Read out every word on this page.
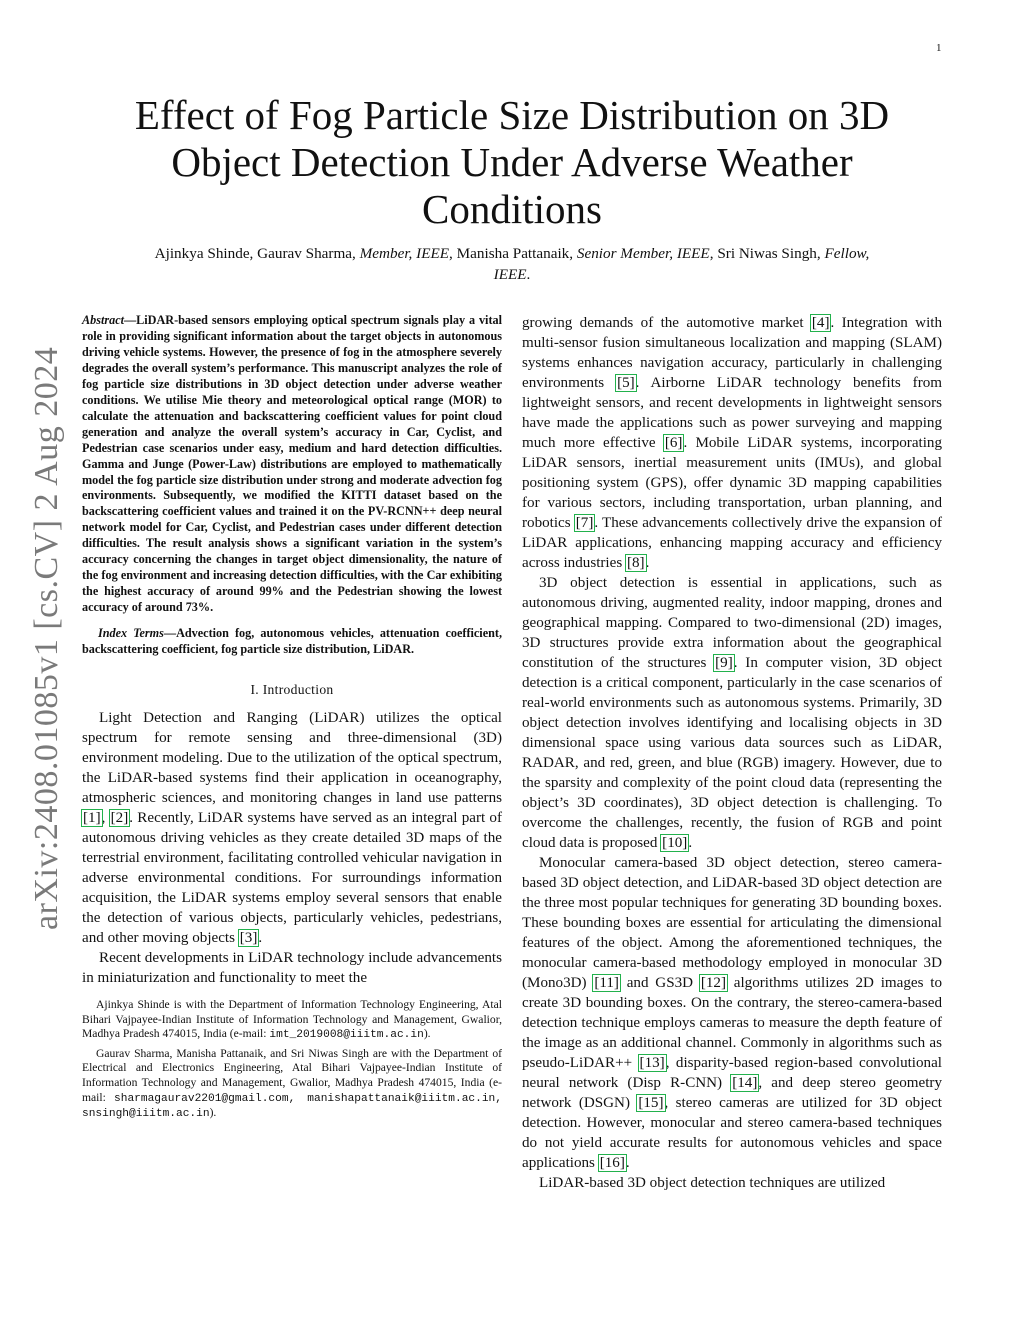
1
arXiv:2408.01085v1 [cs.CV] 2 Aug 2024
Effect of Fog Particle Size Distribution on 3D Object Detection Under Adverse Weather Conditions
Ajinkya Shinde, Gaurav Sharma, Member, IEEE, Manisha Pattanaik, Senior Member, IEEE, Sri Niwas Singh, Fellow, IEEE.

Abstract—LiDAR-based sensors employing optical spectrum signals play a vital role in providing significant information about the target objects in autonomous driving vehicle systems. However, the presence of fog in the atmosphere severely degrades the overall system’s performance. This manuscript analyzes the role of fog particle size distributions in 3D object detection under adverse weather conditions. We utilise Mie theory and meteorological optical range (MOR) to calculate the attenuation and backscattering coefficient values for point cloud generation and analyze the overall system’s accuracy in Car, Cyclist, and Pedestrian case scenarios under easy, medium and hard detection difficulties. Gamma and Junge (Power-Law) distributions are employed to mathematically model the fog particle size distribution under strong and moderate advection fog environments. Subsequently, we modified the KITTI dataset based on the backscattering coefficient values and trained it on the PV-RCNN++ deep neural network model for Car, Cyclist, and Pedestrian cases under different detection difficulties. The result analysis shows a significant variation in the system’s accuracy concerning the changes in target object dimensionality, the nature of the fog environment and increasing detection difficulties, with the Car exhibiting the highest accuracy of around 99% and the Pedestrian showing the lowest accuracy of around 73%.

Index Terms—Advection fog, autonomous vehicles, attenuation coefficient, backscattering coefficient, fog particle size distribution, LiDAR.

I. Introduction

Light Detection and Ranging (LiDAR) utilizes the optical spectrum for remote sensing and three-dimensional (3D) environment modeling. Due to the utilization of the optical spectrum, the LiDAR-based systems find their application in oceanography, atmospheric sciences, and monitoring changes in land use patterns [1], [2]. Recently, LiDAR systems have served as an integral part of autonomous driving vehicles as they create detailed 3D maps of the terrestrial environment, facilitating controlled vehicular navigation in adverse environmental conditions. For surroundings information acquisition, the LiDAR systems employ several sensors that enable the detection of various objects, particularly vehicles, pedestrians, and other moving objects [3].

Recent developments in LiDAR technology include advancements in miniaturization and functionality to meet the

Ajinkya Shinde is with the Department of Information Technology Engineering, Atal Bihari Vajpayee-Indian Institute of Information Technology and Management, Gwalior, Madhya Pradesh 474015, India (e-mail: imt_2019008@iiitm.ac.in).

Gaurav Sharma, Manisha Pattanaik, and Sri Niwas Singh are with the Department of Electrical and Electronics Engineering, Atal Bihari Vajpayee-Indian Institute of Information Technology and Management, Gwalior, Madhya Pradesh 474015, India (e-mail: sharmagaurav2201@gmail.com, manishapattanaik@iiitm.ac.in, snsingh@iiitm.ac.in).

growing demands of the automotive market [4]. Integration with multi-sensor fusion simultaneous localization and mapping (SLAM) systems enhances navigation accuracy, particularly in challenging environments [5]. Airborne LiDAR technology benefits from lightweight sensors, and recent developments in lightweight sensors have made the applications such as power surveying and mapping much more effective [6]. Mobile LiDAR systems, incorporating LiDAR sensors, inertial measurement units (IMUs), and global positioning system (GPS), offer dynamic 3D mapping capabilities for various sectors, including transportation, urban planning, and robotics [7]. These advancements collectively drive the expansion of LiDAR applications, enhancing mapping accuracy and efficiency across industries [8].

3D object detection is essential in applications, such as autonomous driving, augmented reality, indoor mapping, drones and geographical mapping. Compared to two-dimensional (2D) images, 3D structures provide extra information about the geographical constitution of the structures [9]. In computer vision, 3D object detection is a critical component, particularly in the case scenarios of real-world environments such as autonomous systems. Primarily, 3D object detection involves identifying and localising objects in 3D dimensional space using various data sources such as LiDAR, RADAR, and red, green, and blue (RGB) imagery. However, due to the sparsity and complexity of the point cloud data (representing the object’s 3D coordinates), 3D object detection is challenging. To overcome the challenges, recently, the fusion of RGB and point cloud data is proposed [10].

Monocular camera-based 3D object detection, stereo camera-based 3D object detection, and LiDAR-based 3D object detection are the three most popular techniques for generating 3D bounding boxes. These bounding boxes are essential for articulating the dimensional features of the object. Among the aforementioned techniques, the monocular camera-based methodology employed in monocular 3D (Mono3D) [11] and GS3D [12] algorithms utilizes 2D images to create 3D bounding boxes. On the contrary, the stereo-camera-based detection technique employs cameras to measure the depth feature of the image as an additional channel. Commonly in algorithms such as pseudo-LiDAR++ [13], disparity-based region-based convolutional neural network (Disp R-CNN) [14], and deep stereo geometry network (DSGN) [15], stereo cameras are utilized for 3D object detection. However, monocular and stereo camera-based techniques do not yield accurate results for autonomous vehicles and space applications [16].

LiDAR-based 3D object detection techniques are utilized
